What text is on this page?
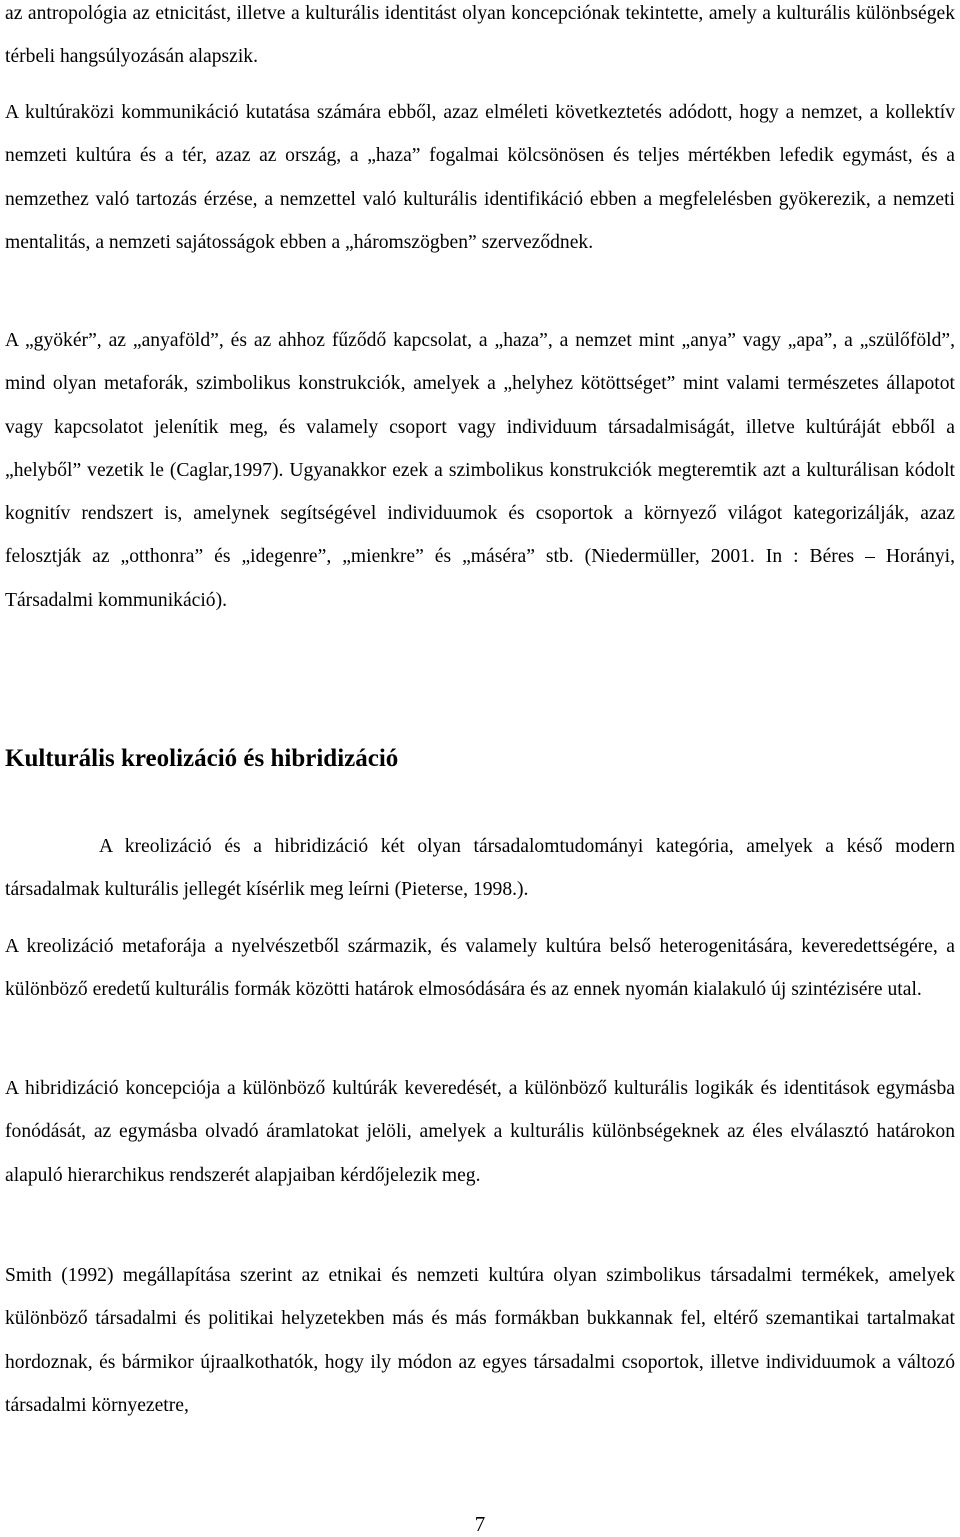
az antropológia az etnicitást, illetve a kulturális identitást olyan koncepciónak tekintette, amely a kulturális különbségek térbeli hangsúlyozásán alapszik.

A kultúraközi kommunikáció kutatása számára ebből, azaz elméleti következtetés adódott, hogy a nemzet, a kollektív nemzeti kultúra és a tér, azaz az ország, a „haza” fogalmai kölcsönösen és teljes mértékben lefedik egymást, és a nemzethez való tartozás érzése, a nemzettel való kulturális identifikáció ebben a megfelelésben gyökerezik, a nemzeti mentalitás, a nemzeti sajátosságok ebben a „háromszögben” szerveződnek.

A „gyökér”, az „anyaföld”, és az ahhoz fűződő kapcsolat, a „haza”, a nemzet mint „anya” vagy „apa”, a „szülőföld”, mind olyan metaforák, szimbolikus konstrukciók, amelyek a „helyhez kötöttséget” mint valami természetes állapotot vagy kapcsolatot jelenítik meg, és valamely csoport vagy individuum társadalmiságát, illetve kultúráját ebből a „helyből” vezetik le (Caglar,1997). Ugyanakkor ezek a szimbolikus konstrukciók megteremtik azt a kulturálisan kódolt kognitív rendszert is, amelynek segítségével individuumok és csoportok a környező világot kategorizálják, azaz felosztják az „otthonra” és „idegenre”, „mienkre” és „máséra” stb. (Niedermüller, 2001. In : Béres – Horányi, Társadalmi kommunikáció).

Kulturális kreolizáció és hibridizáció

A kreolizáció és a hibridizáció két olyan társadalomtudományi kategória, amelyek a késő modern társadalmak kulturális jellegét kísérlik meg leírni (Pieterse, 1998.).

A kreolizáció metaforája a nyelvészetből származik, és valamely kultúra belső heterogenitására, keveredettségére, a különböző eredetű kulturális formák közötti határok elmosódására és az ennek nyomán kialakuló új szintézisére utal.

A hibridizáció koncepciója a különböző kultúrák keveredését, a különböző kulturális logikák és identitások egymásba fonódását, az egymásba olvadó áramlatokat jelöli, amelyek a kulturális különbségeknek az éles elválasztó határokon alapuló hierarchikus rendszerét alapjaiban kérdőjelezik meg.

Smith (1992) megállapítása szerint az etnikai és nemzeti kultúra olyan szimbolikus társadalmi termékek, amelyek különböző társadalmi és politikai helyzetekben más és más formákban bukkannak fel, eltérő szemantikai tartalmakat hordoznak, és bármikor újraalkothatók, hogy ily módon az egyes társadalmi csoportok, illetve individuumok a változó társadalmi környezetre,

7
